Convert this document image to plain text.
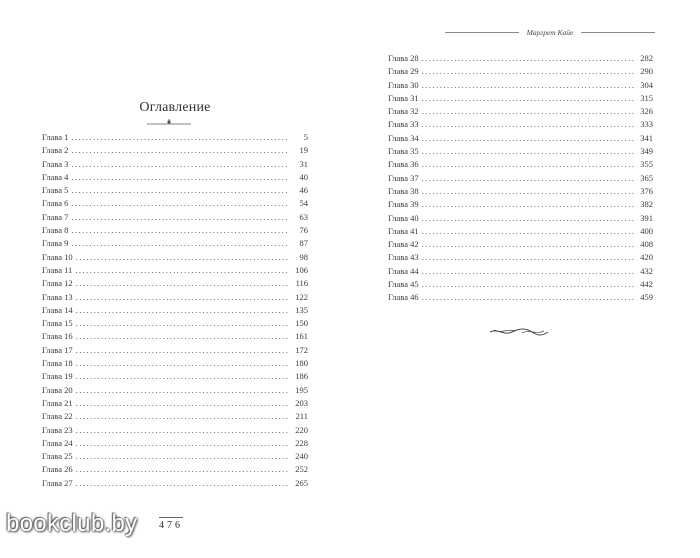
Оглавление
Глава 1 .....	5
Глава 2 .....	19
Глава 3 .....	31
Глава 4 .....	40
Глава 5 .....	46
Глава 6 .....	54
Глава 7 .....	63
Глава 8 .....	76
Глава 9 .....	87
Глава 10 .....	98
Глава 11 .....	106
Глава 12 .....	116
Глава 13 .....	122
Глава 14 .....	135
Глава 15 .....	150
Глава 16 .....	161
Глава 17 .....	172
Глава 18 .....	180
Глава 19 .....	186
Глава 20 .....	195
Глава 21 .....	203
Глава 22 .....	211
Глава 23 .....	220
Глава 24 .....	228
Глава 25 .....	240
Глава 26 .....	252
Глава 27 .....	265
476
Маргрет Кайе
Глава 28 .....	282
Глава 29 .....	290
Глава 30 .....	304
Глава 31 .....	315
Глава 32 .....	326
Глава 33 .....	333
Глава 34 .....	341
Глава 35 .....	349
Глава 36 .....	355
Глава 37 .....	365
Глава 38 .....	376
Глава 39 .....	382
Глава 40 .....	391
Глава 41 .....	400
Глава 42 .....	408
Глава 43 .....	420
Глава 44 .....	432
Глава 45 .....	442
Глава 46 .....	459
bookclub.by
